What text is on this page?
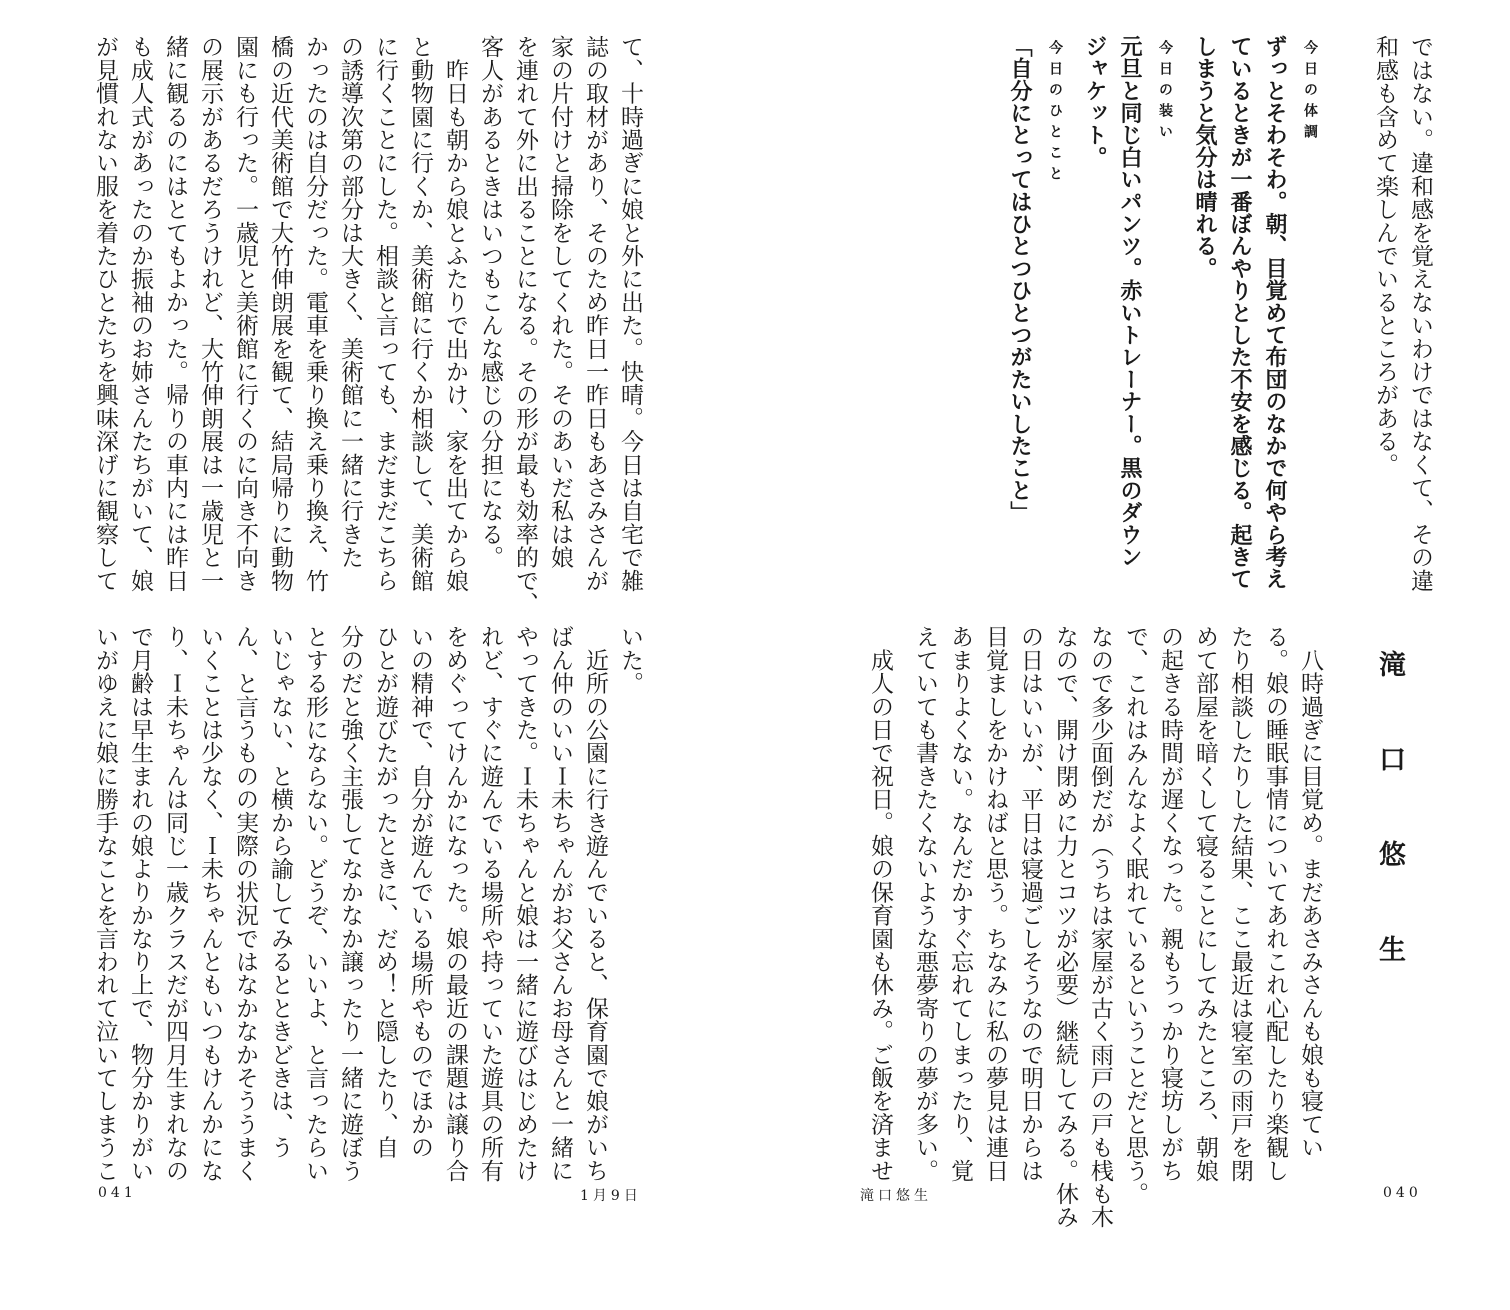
ではない。違和感を覚えないわけではなくて、その違
和感も含めて楽しんでいるところがある。
今日の体調
ずっとそわそわ。朝、目覚めて布団のなかで何やら考え
ているときが一番ぼんやりとした不安を感じる。起きて
しまうと気分は晴れる。
今日の装い
元旦と同じ白いパンツ。赤いトレーナー。黒のダウン
ジャケット。
今日のひとこと
「自分にとってはひとつひとつがたいしたこと」
　八時過ぎに目覚め。まだあさみさんも娘も寝てい
る。娘の睡眠事情についてあれこれ心配したり楽観し
たり相談したりした結果、ここ最近は寝室の雨戸を閉
めて部屋を暗くして寝ることにしてみたところ、朝娘
の起きる時間が遅くなった。親もうっかり寝坊しがち
で、これはみんなよく眠れているということだと思う。
なので多少面倒だが（うちは家屋が古く雨戸の戸も桟も木
なので、開け閉めに力とコツが必要）継続してみる。休み
の日はいいが、平日は寝過ごしそうなので明日からは
目覚ましをかけねばと思う。ちなみに私の夢見は連日
あまりよくない。なんだかすぐ忘れてしまったり、覚
えていても書きたくないような悪夢寄りの夢が多い。
　成人の日で祝日。娘の保育園も休み。ご飯を済ませ
て、十時過ぎに娘と外に出た。快晴。今日は自宅で雑
誌の取材があり、そのため昨日一昨日もあさみさんが
家の片付けと掃除をしてくれた。そのあいだ私は娘
を連れて外に出ることになる。その形が最も効率的で、
客人があるときはいつもこんな感じの分担になる。
　昨日も朝から娘とふたりで出かけ、家を出てから娘
と動物園に行くか、美術館に行くか相談して、美術館
に行くことにした。相談と言っても、まだまだこちら
の誘導次第の部分は大きく、美術館に一緒に行きた
かったのは自分だった。電車を乗り換え乗り換え、竹
橋の近代美術館で大竹伸朗展を観て、結局帰りに動物
園にも行った。一歳児と美術館に行くのに向き不向き
の展示があるだろうけれど、大竹伸朗展は一歳児と一
緒に観るのにはとてもよかった。帰りの車内には昨日
も成人式があったのか振袖のお姉さんたちがいて、娘
が見慣れない服を着たひとたちを興味深げに観察して
いた。
　近所の公園に行き遊んでいると、保育園で娘がいち
ばん仲のいいＩ未ちゃんがお父さんお母さんと一緒に
やってきた。Ｉ未ちゃんと娘は一緒に遊びはじめたけ
れど、すぐに遊んでいる場所や持っていた遊具の所有
をめぐってけんかになった。娘の最近の課題は譲り合
いの精神で、自分が遊んでいる場所やものでほかの
ひとが遊びたがったときに、だめ！と隠したり、自
分のだと強く主張してなかなか譲ったり一緒に遊ぼう
とする形にならない。どうぞ、いいよ、と言ったらい
いじゃない、と横から諭してみるとときどきは、う
ん、と言うものの実際の状況ではなかなかそううまく
いくことは少なく、Ｉ未ちゃんともいつもけんかにな
り、Ｉ未ちゃんは同じ一歳クラスだが四月生まれなの
で月齢は早生まれの娘よりかなり上で、物分かりがい
いがゆえに娘に勝手なことを言われて泣いてしまうこ	滝口悠生
040
滝口悠生
1月9日
041
